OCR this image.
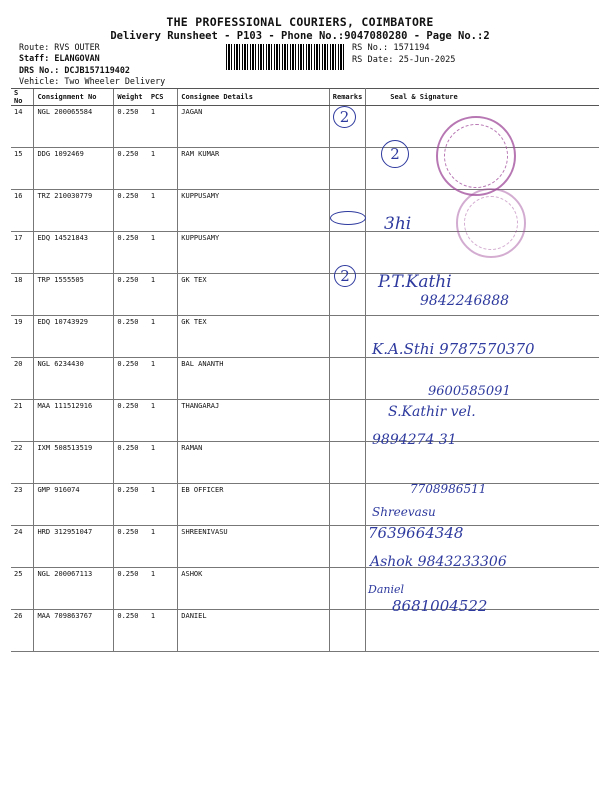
THE PROFESSIONAL COURIERS, COIMBATORE
Delivery Runsheet - P103 - Phone No.:9047080280 - Page No.:2
Route: RVS OUTER
Staff: ELANGOVAN
DRS No.: DCJB157119402
Vehicle: Two Wheeler Delivery
RS No.: 1571194
RS Date: 25-Jun-2025
S No	Consignment No	Weight	PCS	Consignee Details	Remarks	Seal & Signature
14	NGL 200065584	0.250	1	JAGAN		
15	DDG 1092469	0.250	1	RAM KUMAR		
16	TRZ 210030779	0.250	1	KUPPUSAMY		
17	EDQ 14521843	0.250	1	KUPPUSAMY		
18	TRP 1555505	0.250	1	GK TEX		
19	EDQ 10743929	0.250	1	GK TEX		
20	NGL 6234430	0.250	1	BAL ANANTH		
21	MAA 111512916	0.250	1	THANGARAJ		
22	IXM 508513519	0.250	1	RAMAN		
23	GMP 916074	0.250	1	EB OFFICER		
24	HRD 312951047	0.250	1	SHREENIVASU		
25	NGL 200067113	0.250	1	ASHOK		
26	MAA 709863767	0.250	1	DANIEL		
2
2
2
3hi
P.T.Kathi
9842246888
K.A.Sthi 9787570370
9600585091
S.Kathir vel.
9894274 31
7708986511
Shreevasu
7639664348
Ashok 9843233306
Daniel
8681004522
